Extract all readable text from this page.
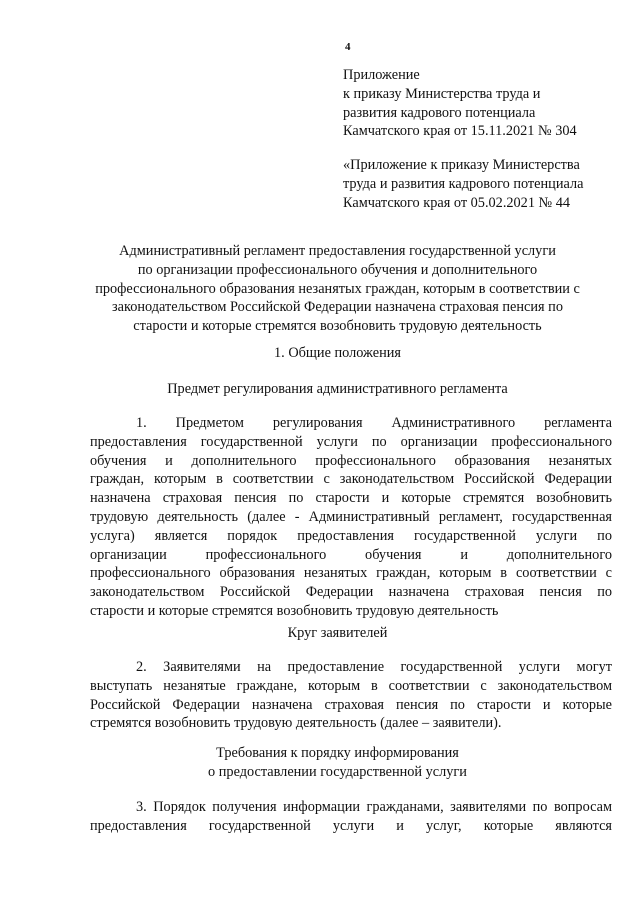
4
Приложение
к приказу Министерства труда и
развития кадрового потенциала
Камчатского края от 15.11.2021 № 304
«Приложение к приказу Министерства
труда и развития кадрового потенциала
Камчатского края от 05.02.2021 № 44
Административный регламент предоставления государственной услуги
по организации профессионального обучения и дополнительного
профессионального образования незанятых граждан, которым в соответствии с
законодательством Российской Федерации назначена страховая пенсия по
старости и которые стремятся возобновить трудовую деятельность
1. Общие положения
Предмет регулирования административного регламента
1. Предметом регулирования Административного регламента
предоставления государственной услуги по организации профессионального
обучения и дополнительного профессионального образования незанятых
граждан, которым в соответствии с законодательством Российской Федерации
назначена страховая пенсия по старости и которые стремятся возобновить
трудовую деятельность (далее - Административный регламент, государственная
услуга) является порядок предоставления государственной услуги по
организации профессионального обучения и дополнительного
профессионального образования незанятых граждан, которым в соответствии с
законодательством Российской Федерации назначена страховая пенсия по
старости и которые стремятся возобновить трудовую деятельность
Круг заявителей
2. Заявителями на предоставление государственной услуги могут
выступать незанятые граждане, которым в соответствии с законодательством
Российской Федерации назначена страховая пенсия по старости и которые
стремятся возобновить трудовую деятельность (далее – заявители).
Требования к порядку информирования
о предоставлении государственной услуги
3. Порядок получения информации гражданами, заявителями по вопросам
предоставления государственной услуги и услуг, которые являются
